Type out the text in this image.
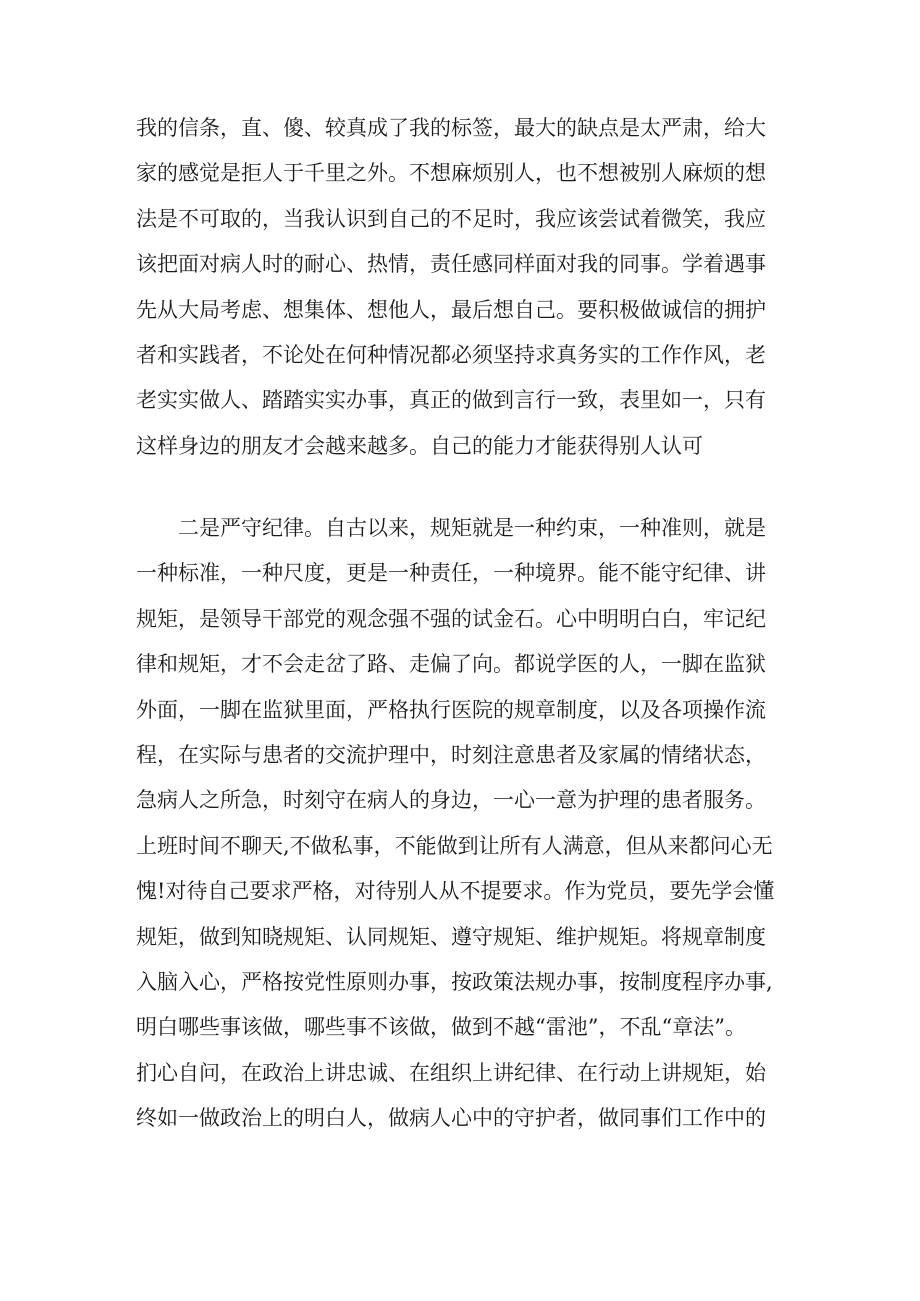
我的信条，直、傻、较真成了我的标签，最大的缺点是太严肃，给大
家的感觉是拒人于千里之外。不想麻烦别人，也不想被别人麻烦的想
法是不可取的，当我认识到自己的不足时，我应该尝试着微笑，我应
该把面对病人时的耐心、热情，责任感同样面对我的同事。学着遇事
先从大局考虑、想集体、想他人，最后想自己。要积极做诚信的拥护
者和实践者，不论处在何种情况都必须坚持求真务实的工作作风，老
老实实做人、踏踏实实办事，真正的做到言行一致，表里如一，只有
这样身边的朋友才会越来越多。自己的能力才能获得别人认可
二是严守纪律。自古以来，规矩就是一种约束，一种准则，就是
一种标准，一种尺度，更是一种责任，一种境界。能不能守纪律、讲
规矩，是领导干部党的观念强不强的试金石。心中明明白白，牢记纪
律和规矩，才不会走岔了路、走偏了向。都说学医的人，一脚在监狱
外面，一脚在监狱里面，严格执行医院的规章制度，以及各项操作流
程，在实际与患者的交流护理中，时刻注意患者及家属的情绪状态，
急病人之所急，时刻守在病人的身边，一心一意为护理的患者服务。
上班时间不聊天,不做私事，不能做到让所有人满意，但从来都问心无
愧!对待自己要求严格，对待别人从不提要求。作为党员，要先学会懂
规矩，做到知晓规矩、认同规矩、遵守规矩、维护规矩。将规章制度
入脑入心，严格按党性原则办事，按政策法规办事，按制度程序办事,
明白哪些事该做，哪些事不该做，做到不越“雷池”，不乱“章法”。
扪心自问，在政治上讲忠诚、在组织上讲纪律、在行动上讲规矩，始
终如一做政治上的明白人，做病人心中的守护者，做同事们工作中的
